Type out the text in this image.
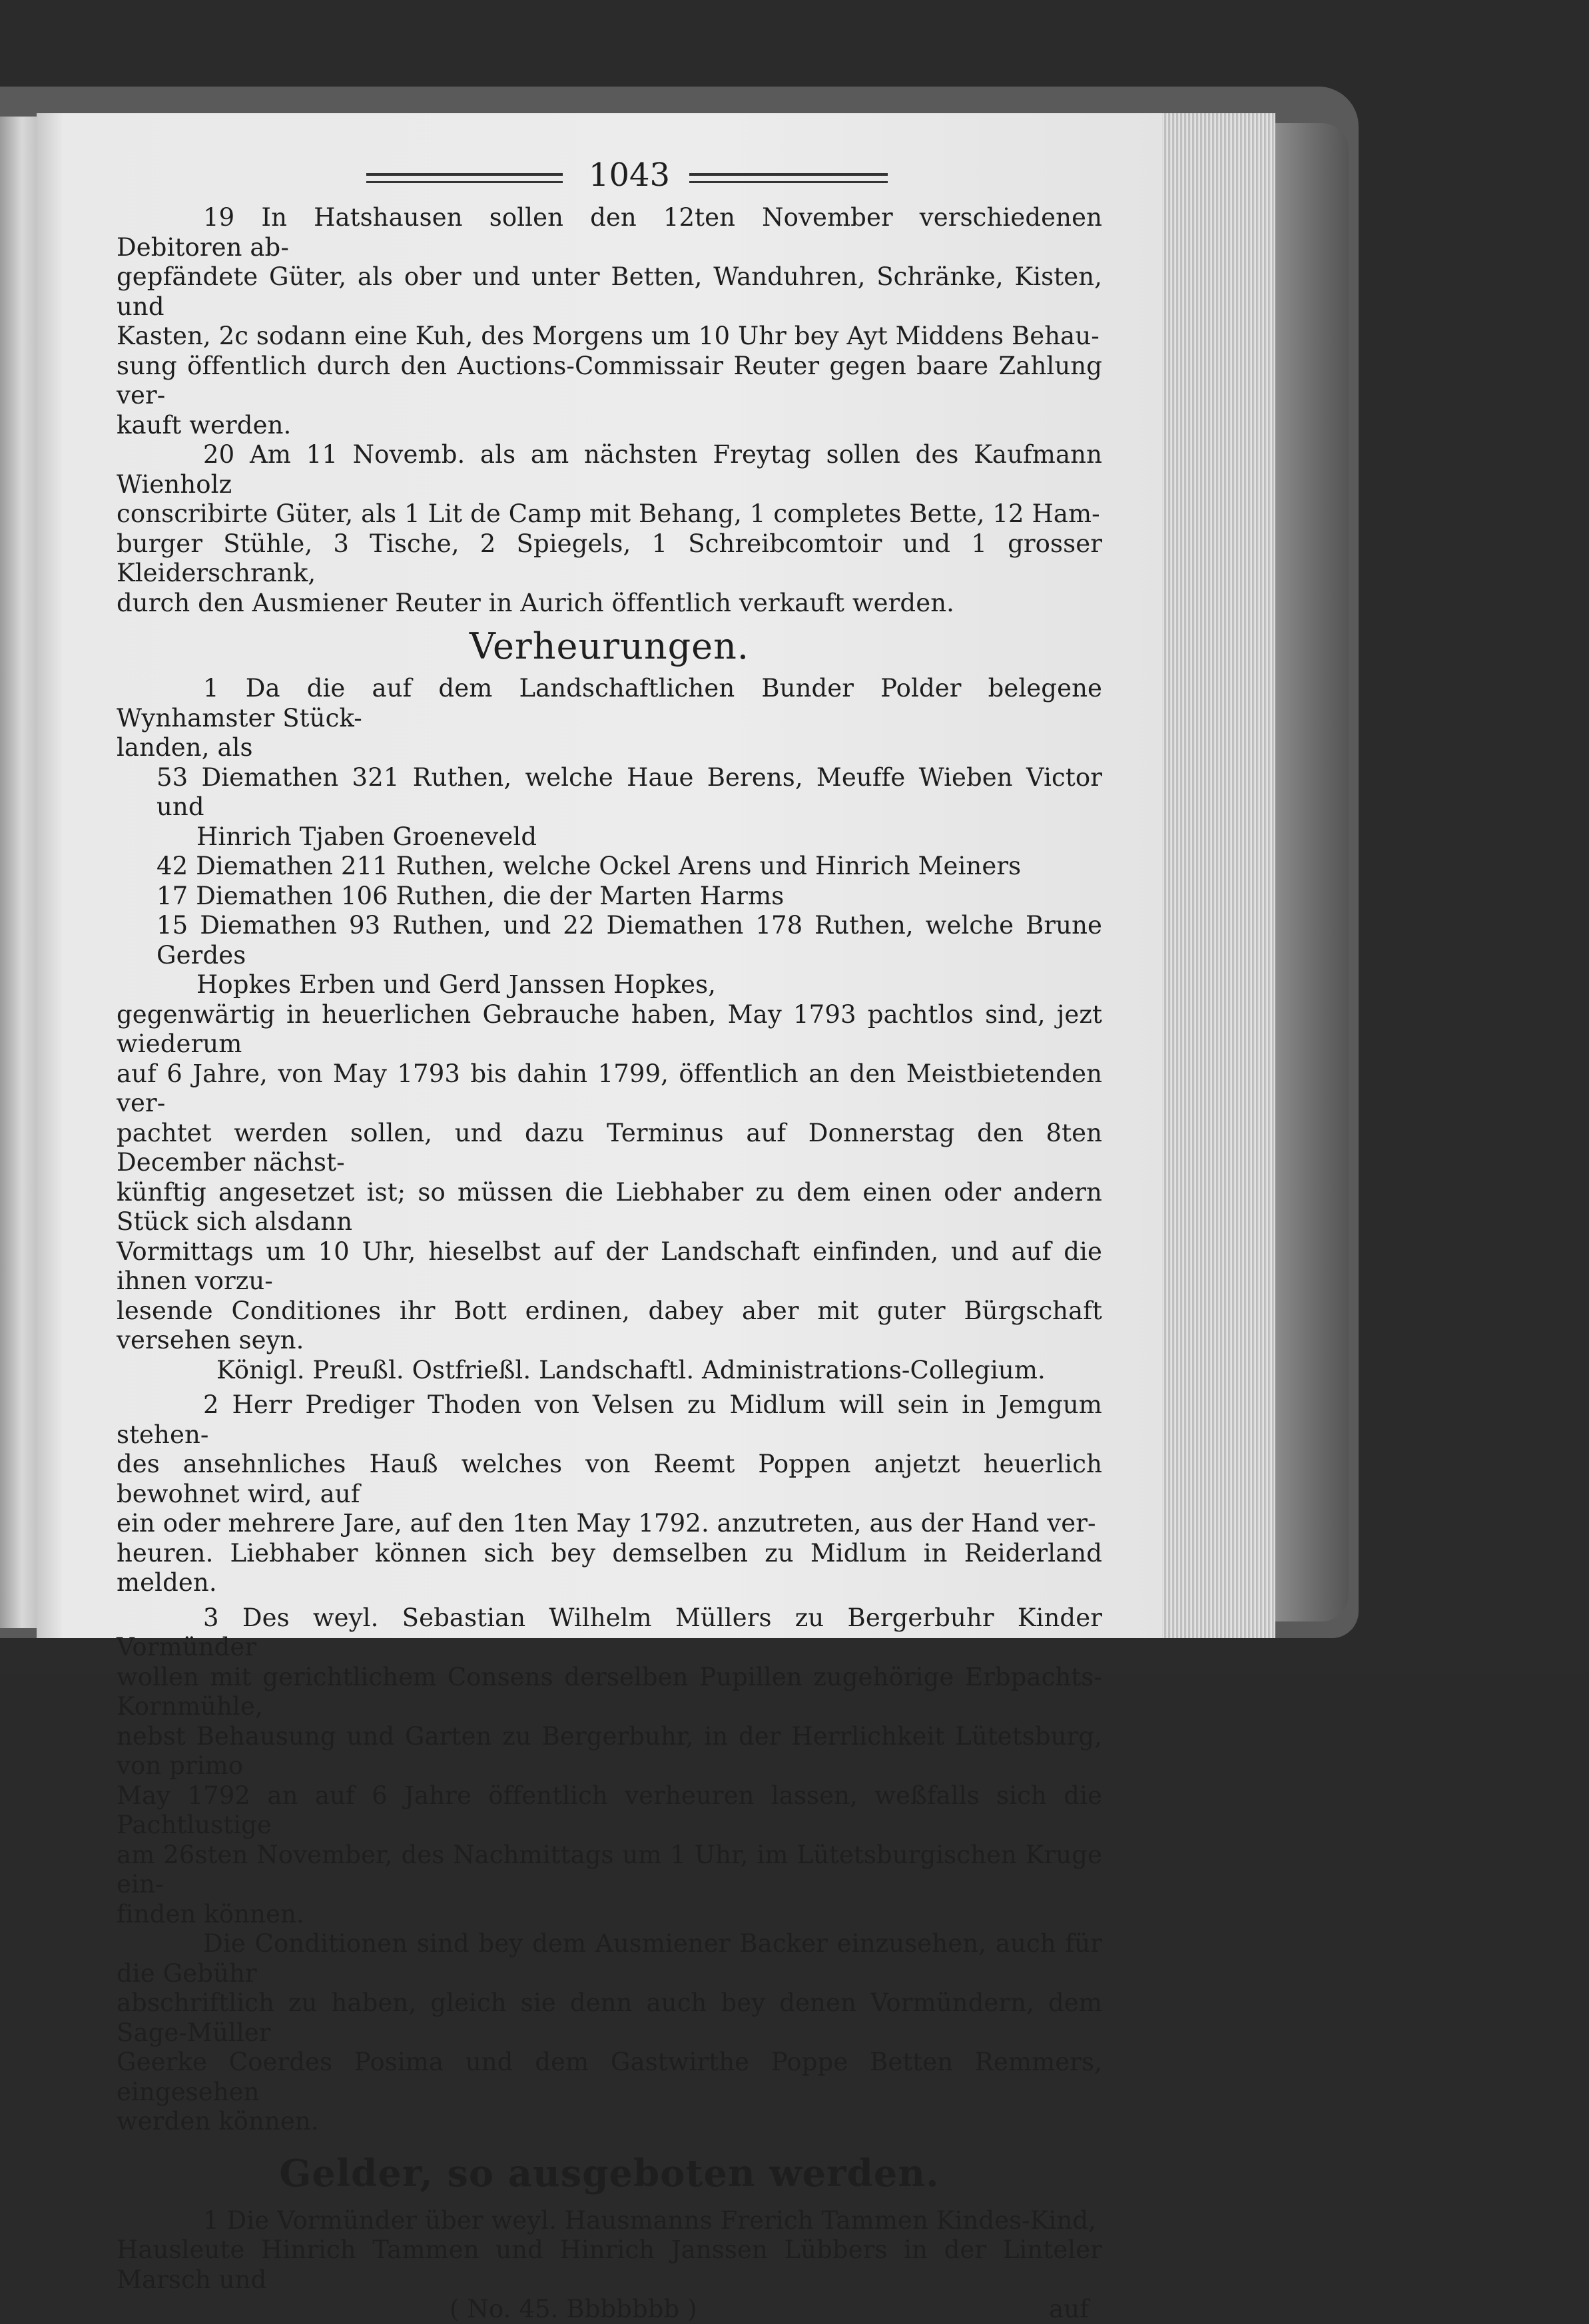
1043

19 In Hatshausen sollen den 12ten November verschiedenen Debitoren ab-

gepfändete Güter, als ober und unter Betten, Wanduhren, Schränke, Kisten, und

Kasten, 2c sodann eine Kuh, des Morgens um 10 Uhr bey Ayt Middens Behau-

sung öffentlich durch den Auctions-Commissair Reuter gegen baare Zahlung ver-

kauft werden.

20 Am 11 Novemb. als am nächsten Freytag sollen des Kaufmann Wienholz

conscribirte Güter, als 1 Lit de Camp mit Behang, 1 completes Bette, 12 Ham-

burger Stühle, 3 Tische, 2 Spiegels, 1 Schreibcomtoir und 1 grosser Kleiderschrank,

durch den Ausmiener Reuter in Aurich öffentlich verkauft werden.

Verheurungen.

1 Da die auf dem Landschaftlichen Bunder Polder belegene Wynhamster Stück-

landen, als

53 Diemathen 321 Ruthen, welche Haue Berens, Meuffe Wieben Victor und

Hinrich Tjaben Groeneveld

42 Diemathen 211 Ruthen, welche Ockel Arens und Hinrich Meiners

17 Diemathen 106 Ruthen, die der Marten Harms

15 Diemathen 93 Ruthen, und 22 Diemathen 178 Ruthen, welche Brune Gerdes

Hopkes Erben und Gerd Janssen Hopkes,

gegenwärtig in heuerlichen Gebrauche haben, May 1793 pachtlos sind, jezt wiederum

auf 6 Jahre, von May 1793 bis dahin 1799, öffentlich an den Meistbietenden ver-

pachtet werden sollen, und dazu Terminus auf Donnerstag den 8ten December nächst-

künftig angesetzet ist; so müssen die Liebhaber zu dem einen oder andern Stück sich alsdann

Vormittags um 10 Uhr, hieselbst auf der Landschaft einfinden, und auf die ihnen vorzu-

lesende Conditiones ihr Bott erdinen, dabey aber mit guter Bürgschaft versehen seyn.

Königl. Preußl. Ostfrießl. Landschaftl. Administrations-Collegium.

2 Herr Prediger Thoden von Velsen zu Midlum will sein in Jemgum stehen-

des ansehnliches Hauß welches von Reemt Poppen anjetzt heuerlich bewohnet wird, auf

ein oder mehrere Jare, auf den 1ten May 1792. anzutreten, aus der Hand ver-

heuren. Liebhaber können sich bey demselben zu Midlum in Reiderland melden.

3 Des weyl. Sebastian Wilhelm Müllers zu Bergerbuhr Kinder Vormünder

wollen mit gerichtlichem Consens derselben Pupillen zugehörige Erbpachts-Kornmühle,

nebst Behausung und Garten zu Bergerbuhr, in der Herrlichkeit Lütetsburg, von primo

May 1792 an auf 6 Jahre öffentlich verheuren lassen, weßfalls sich die Pachtlustige

am 26sten November, des Nachmittags um 1 Uhr, im Lütetsburgischen Kruge ein-

finden können.

Die Conditionen sind bey dem Ausmiener Backer einzusehen, auch für die Gebühr

abschriftlich zu haben, gleich sie denn auch bey denen Vormündern, dem Sage-Müller

Geerke Coerdes Posima und dem Gastwirthe Poppe Betten Remmers, eingesehen

werden können.

Gelder, so ausgeboten werden.

1 Die Vormünder über weyl. Hausmanns Frerich Tammen Kindes-Kind,

Hausleute Hinrich Tammen und Hinrich Janssen Lübbers in der Linteler Marsch und

( No. 45. Bbbbbbb )	auf
